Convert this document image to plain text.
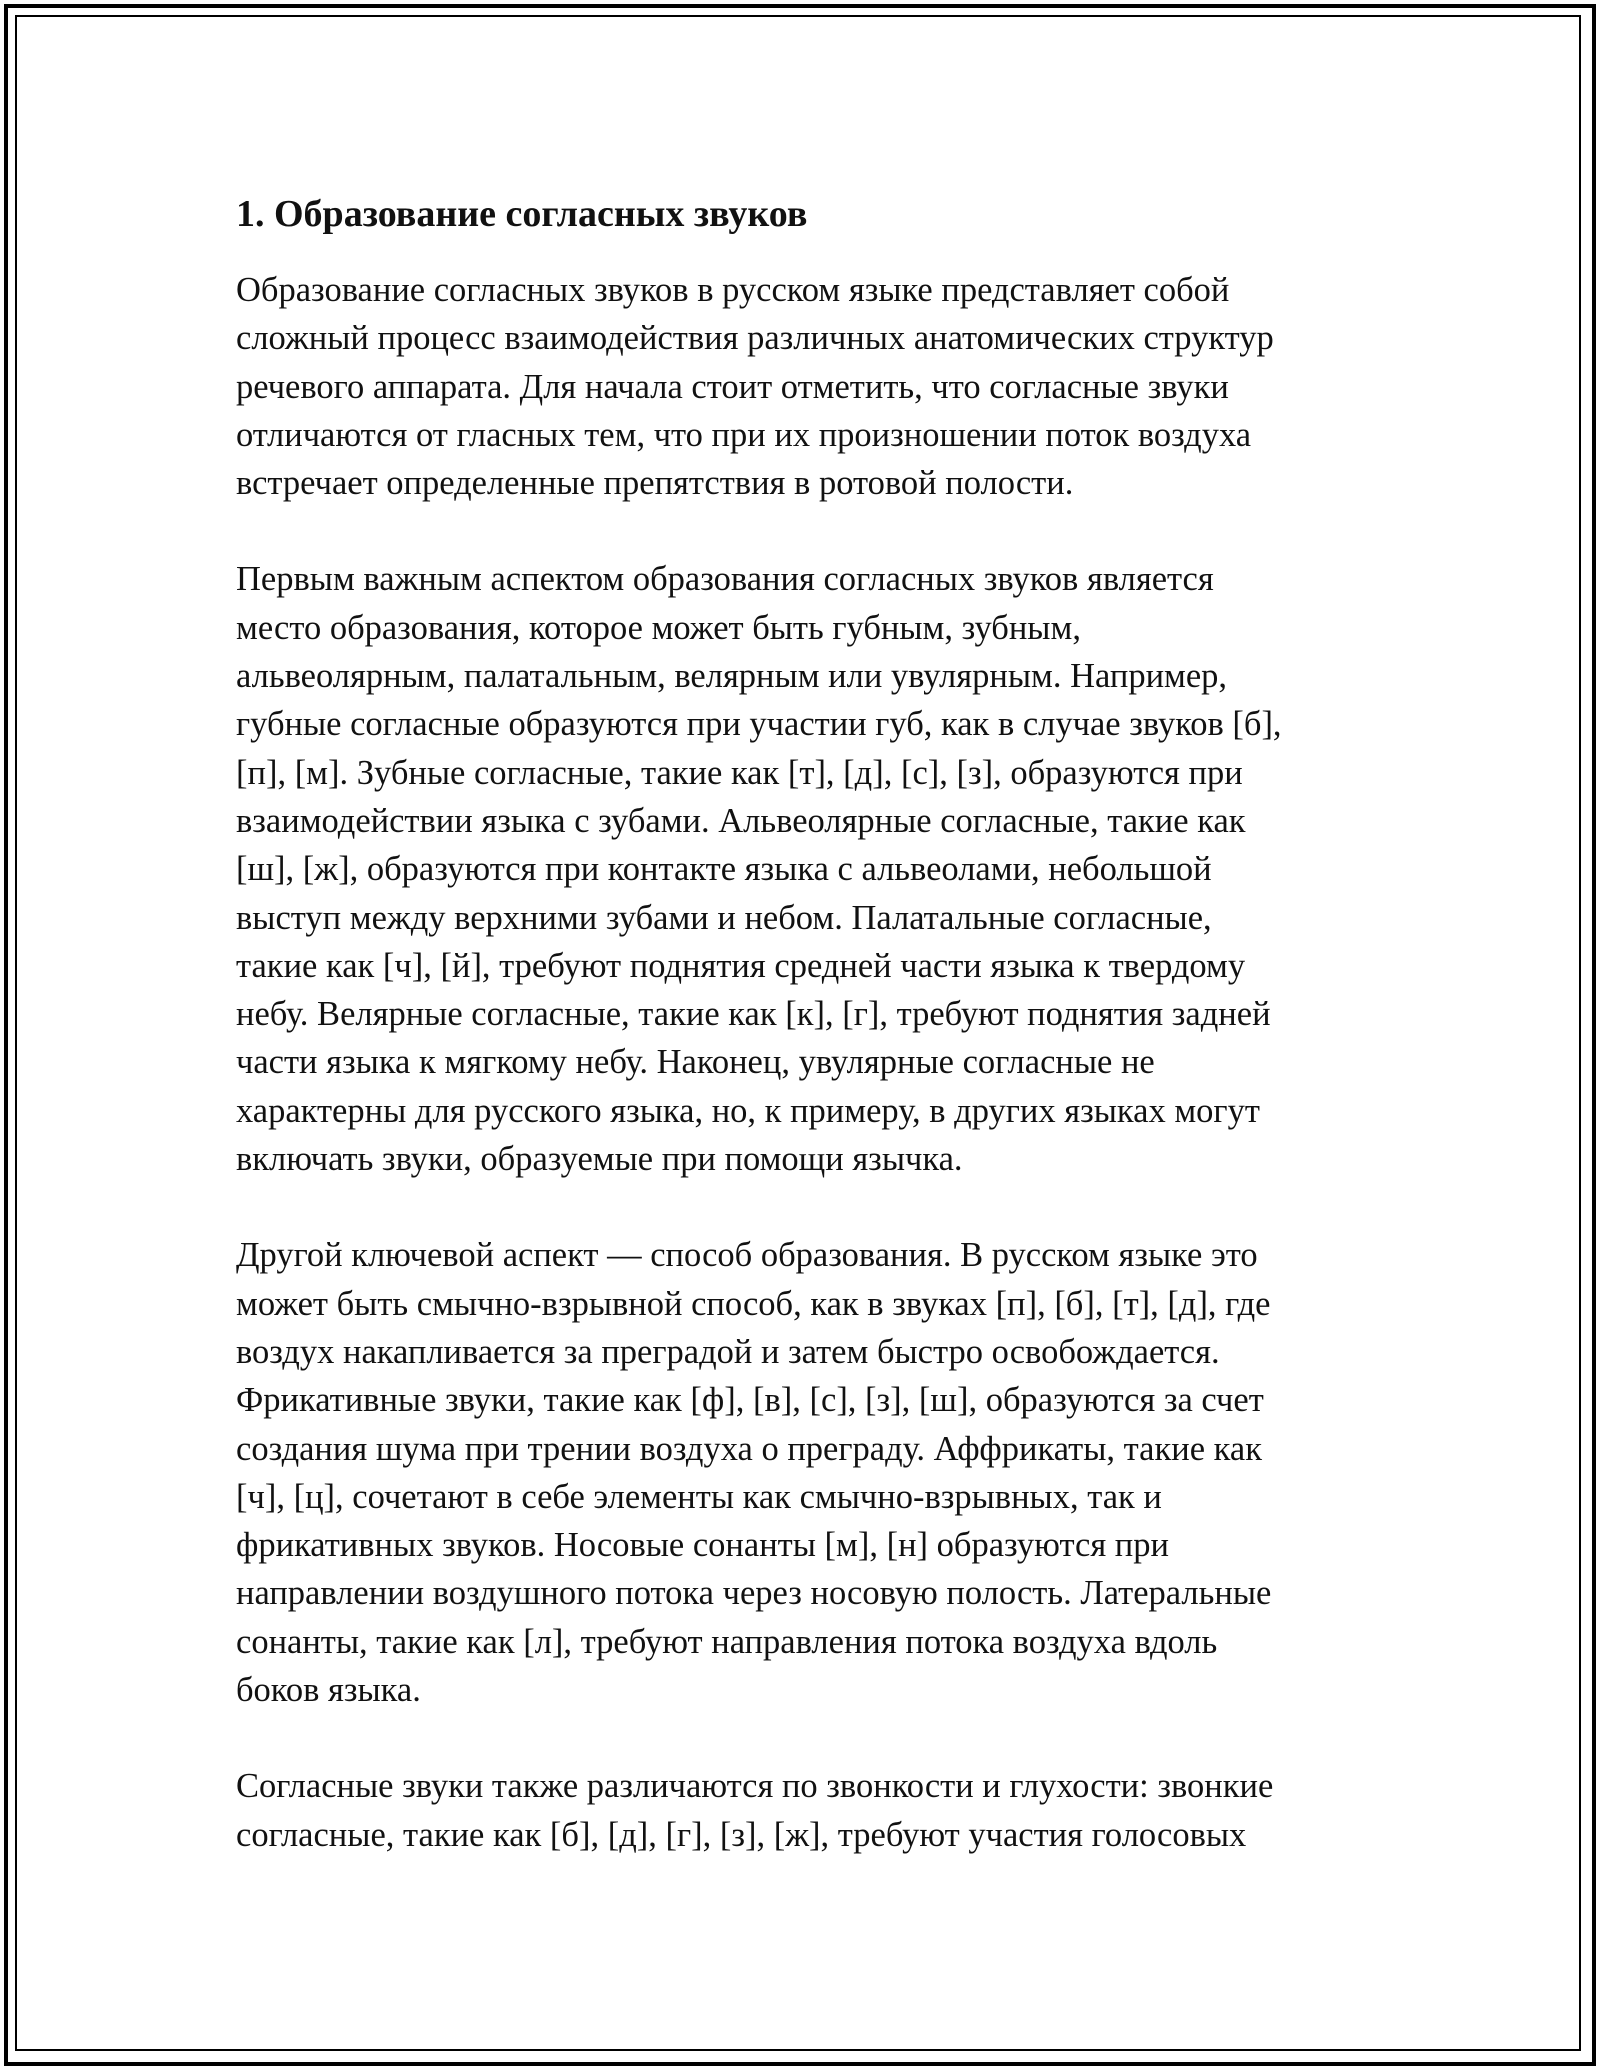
1. Образование согласных звуков
Образование согласных звуков в русском языке представляет собой
сложный процесс взаимодействия различных анатомических структур
речевого аппарата. Для начала стоит отметить, что согласные звуки
отличаются от гласных тем, что при их произношении поток воздуха
встречает определенные препятствия в ротовой полости.
Первым важным аспектом образования согласных звуков является
место образования, которое может быть губным, зубным,
альвеолярным, палатальным, велярным или увулярным. Например,
губные согласные образуются при участии губ, как в случае звуков [б],
[п], [м]. Зубные согласные, такие как [т], [д], [с], [з], образуются при
взаимодействии языка с зубами. Альвеолярные согласные, такие как
[ш], [ж], образуются при контакте языка с альвеолами, небольшой
выступ между верхними зубами и небом. Палатальные согласные,
такие как [ч], [й], требуют поднятия средней части языка к твердому
небу. Велярные согласные, такие как [к], [г], требуют поднятия задней
части языка к мягкому небу. Наконец, увулярные согласные не
характерны для русского языка, но, к примеру, в других языках могут
включать звуки, образуемые при помощи язычка.
Другой ключевой аспект — способ образования. В русском языке это
может быть смычно-взрывной способ, как в звуках [п], [б], [т], [д], где
воздух накапливается за преградой и затем быстро освобождается.
Фрикативные звуки, такие как [ф], [в], [с], [з], [ш], образуются за счет
создания шума при трении воздуха о преграду. Аффрикаты, такие как
[ч], [ц], сочетают в себе элементы как смычно-взрывных, так и
фрикативных звуков. Носовые сонанты [м], [н] образуются при
направлении воздушного потока через носовую полость. Латеральные
сонанты, такие как [л], требуют направления потока воздуха вдоль
боков языка.
Согласные звуки также различаются по звонкости и глухости: звонкие
согласные, такие как [б], [д], [г], [з], [ж], требуют участия голосовых
